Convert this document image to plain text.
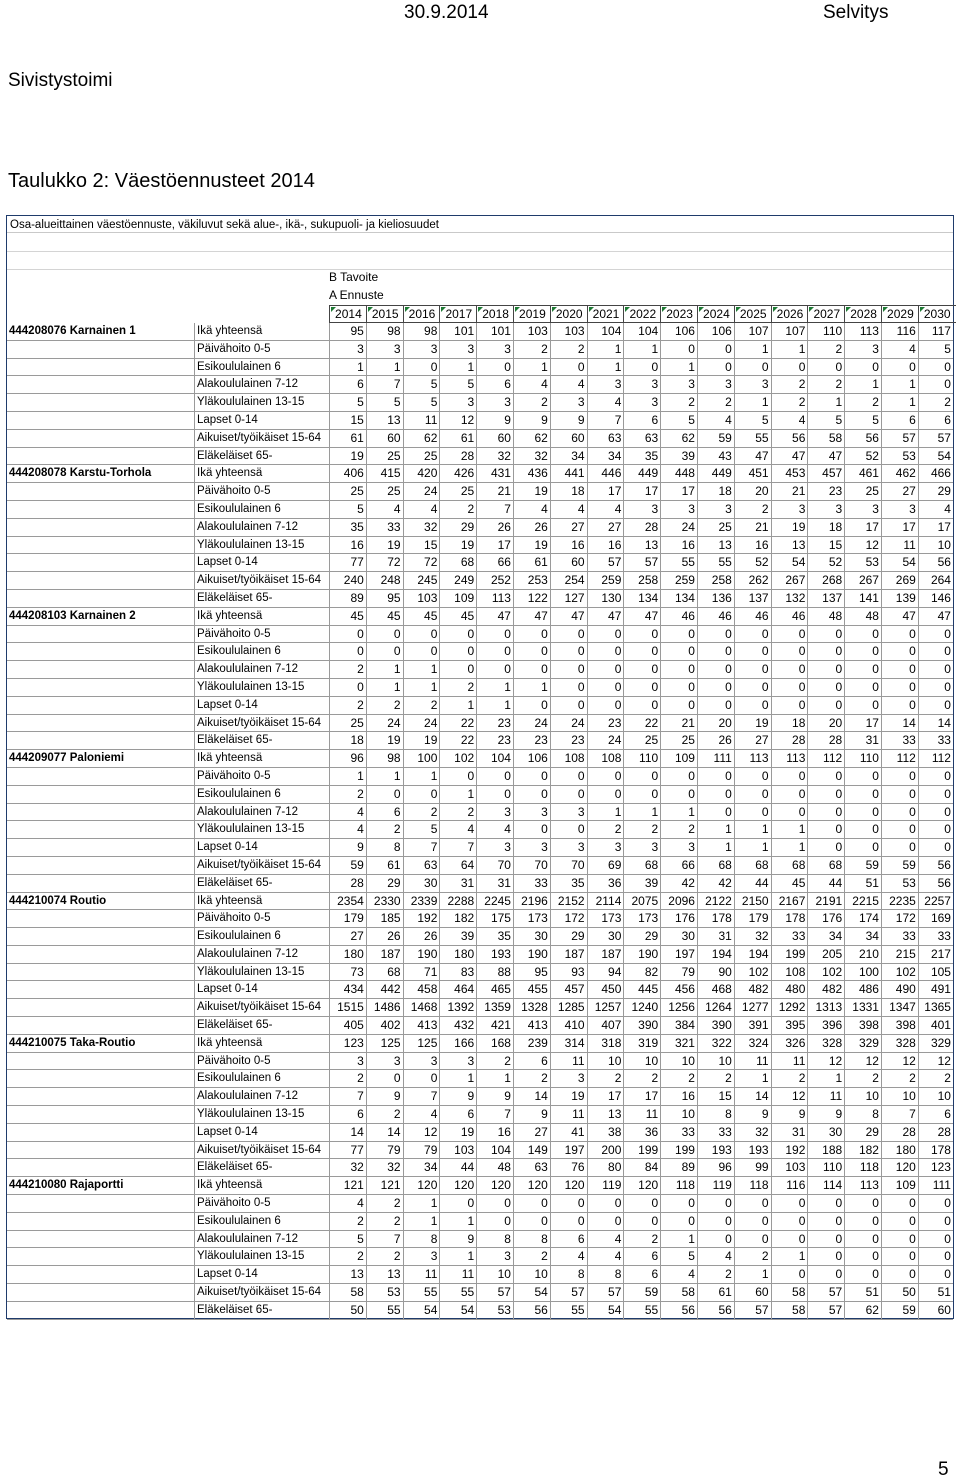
30.9.2014	Selvitys
Sivistystoimi
Taulukko 2: Väestöennusteet 2014
Osa-alueittainen väestöennuste, väkiluvut sekä alue-, ikä-, sukupuoli- ja kieliosuudet
B Tavoite
A Ennuste
2014 2015 2016 2017 2018 2019 2020 2021 2022 2023 2024 2025 2026 2027 2028 2029 2030
444208076 Karnainen 1	Ikä yhteensä	95	98	98	101	101	103	103	104	104	106	106	107	107	110	113	116	117
Päivähoito 0-5	3	3	3	3	3	2	2	1	1	0	0	1	1	2	3	4	5
Esikoululainen 6	1	1	0	1	0	1	0	1	0	1	0	0	0	0	0	0	0
Alakoululainen 7-12	6	7	5	5	6	4	4	3	3	3	3	3	2	2	1	1	0
Yläkoululainen 13-15	5	5	5	3	3	2	3	4	3	2	2	1	2	1	2	1	2
Lapset 0-14	15	13	11	12	9	9	9	7	6	5	4	5	4	5	5	6	6
Aikuiset/työikäiset 15-64	61	60	62	61	60	62	60	63	63	62	59	55	56	58	56	57	57
Eläkeläiset 65-	19	25	25	28	32	32	34	34	35	39	43	47	47	47	52	53	54
444208078 Karstu-Torhola	Ikä yhteensä	406	415	420	426	431	436	441	446	449	448	449	451	453	457	461	462	466
Päivähoito 0-5	25	25	24	25	21	19	18	17	17	17	18	20	21	23	25	27	29
Esikoululainen 6	5	4	4	2	7	4	4	4	3	3	3	2	3	3	3	3	4
Alakoululainen 7-12	35	33	32	29	26	26	27	27	28	24	25	21	19	18	17	17	17
Yläkoululainen 13-15	16	19	15	19	17	19	16	16	13	16	13	16	13	15	12	11	10
Lapset 0-14	77	72	72	68	66	61	60	57	57	55	55	52	54	52	53	54	56
Aikuiset/työikäiset 15-64	240	248	245	249	252	253	254	259	258	259	258	262	267	268	267	269	264
Eläkeläiset 65-	89	95	103	109	113	122	127	130	134	134	136	137	132	137	141	139	146
444208103 Karnainen 2	Ikä yhteensä	45	45	45	45	47	47	47	47	47	46	46	46	46	48	48	47	47
Päivähoito 0-5	0	0	0	0	0	0	0	0	0	0	0	0	0	0	0	0	0
Esikoululainen 6	0	0	0	0	0	0	0	0	0	0	0	0	0	0	0	0	0
Alakoululainen 7-12	2	1	1	0	0	0	0	0	0	0	0	0	0	0	0	0	0
Yläkoululainen 13-15	0	1	1	2	1	1	0	0	0	0	0	0	0	0	0	0	0
Lapset 0-14	2	2	2	1	1	0	0	0	0	0	0	0	0	0	0	0	0
Aikuiset/työikäiset 15-64	25	24	24	22	23	24	24	23	22	21	20	19	18	20	17	14	14
Eläkeläiset 65-	18	19	19	22	23	23	23	24	25	25	26	27	28	28	31	33	33
444209077 Paloniemi	Ikä yhteensä	96	98	100	102	104	106	108	108	110	109	111	113	113	112	110	112	112
Päivähoito 0-5	1	1	1	0	0	0	0	0	0	0	0	0	0	0	0	0	0
Esikoululainen 6	2	0	0	1	0	0	0	0	0	0	0	0	0	0	0	0	0
Alakoululainen 7-12	4	6	2	2	3	3	3	1	1	1	0	0	0	0	0	0	0
Yläkoululainen 13-15	4	2	5	4	4	0	0	2	2	2	1	1	1	0	0	0	0
Lapset 0-14	9	8	7	7	3	3	3	3	3	3	1	1	1	0	0	0	0
Aikuiset/työikäiset 15-64	59	61	63	64	70	70	70	69	68	66	68	68	68	68	59	59	56
Eläkeläiset 65-	28	29	30	31	31	33	35	36	39	42	42	44	45	44	51	53	56
444210074 Routio	Ikä yhteensä	2354 2330 2339 2288 2245 2196 2152 2114 2075 2096 2122 2150 2167 2191 2215 2235 2257
Päivähoito 0-5	179	185	192	182	175	173	172	173	173	176	178	179	178	176	174	172	169
Esikoululainen 6	27	26	26	39	35	30	29	30	29	30	31	32	33	34	34	33	33
Alakoululainen 7-12	180	187	190	180	193	190	187	187	190	197	194	194	199	205	210	215	217
Yläkoululainen 13-15	73	68	71	83	88	95	93	94	82	79	90	102	108	102	100	102	105
Lapset 0-14	434	442	458	464	465	455	457	450	445	456	468	482	480	482	486	490	491
Aikuiset/työikäiset 15-64	1515 1486 1468 1392 1359 1328 1285 1257 1240 1256 1264 1277 1292 1313 1331 1347 1365
Eläkeläiset 65-	405	402	413	432	421	413	410	407	390	384	390	391	395	396	398	398	401
444210075 Taka-Routio	Ikä yhteensä	123	125	125	166	168	239	314	318	319	321	322	324	326	328	329	328	329
Päivähoito 0-5	3	3	3	3	2	6	11	10	10	10	10	11	11	12	12	12	12
Esikoululainen 6	2	0	0	1	1	2	3	2	2	2	2	1	2	1	2	2	2
Alakoululainen 7-12	7	9	7	9	9	14	19	17	17	16	15	14	12	11	10	10	10
Yläkoululainen 13-15	6	2	4	6	7	9	11	13	11	10	8	9	9	9	8	7	6
Lapset 0-14	14	14	12	19	16	27	41	38	36	33	33	32	31	30	29	28	28
Aikuiset/työikäiset 15-64	77	79	79	103	104	149	197	200	199	199	193	193	192	188	182	180	178
Eläkeläiset 65-	32	32	34	44	48	63	76	80	84	89	96	99	103	110	118	120	123
444210080 Rajaportti	Ikä yhteensä	121	121	120	120	120	120	120	119	120	118	119	118	116	114	113	109	111
Päivähoito 0-5	4	2	1	0	0	0	0	0	0	0	0	0	0	0	0	0	0
Esikoululainen 6	2	2	1	1	0	0	0	0	0	0	0	0	0	0	0	0	0
Alakoululainen 7-12	5	7	8	9	8	8	6	4	2	1	0	0	0	0	0	0	0
Yläkoululainen 13-15	2	2	3	1	3	2	4	4	6	5	4	2	1	0	0	0	0
Lapset 0-14	13	13	11	11	10	10	8	8	6	4	2	1	0	0	0	0	0
Aikuiset/työikäiset 15-64	58	53	55	55	57	54	57	57	59	58	61	60	58	57	51	50	51
Eläkeläiset 65-	50	55	54	54	53	56	55	54	55	56	56	57	58	57	62	59	60
5
